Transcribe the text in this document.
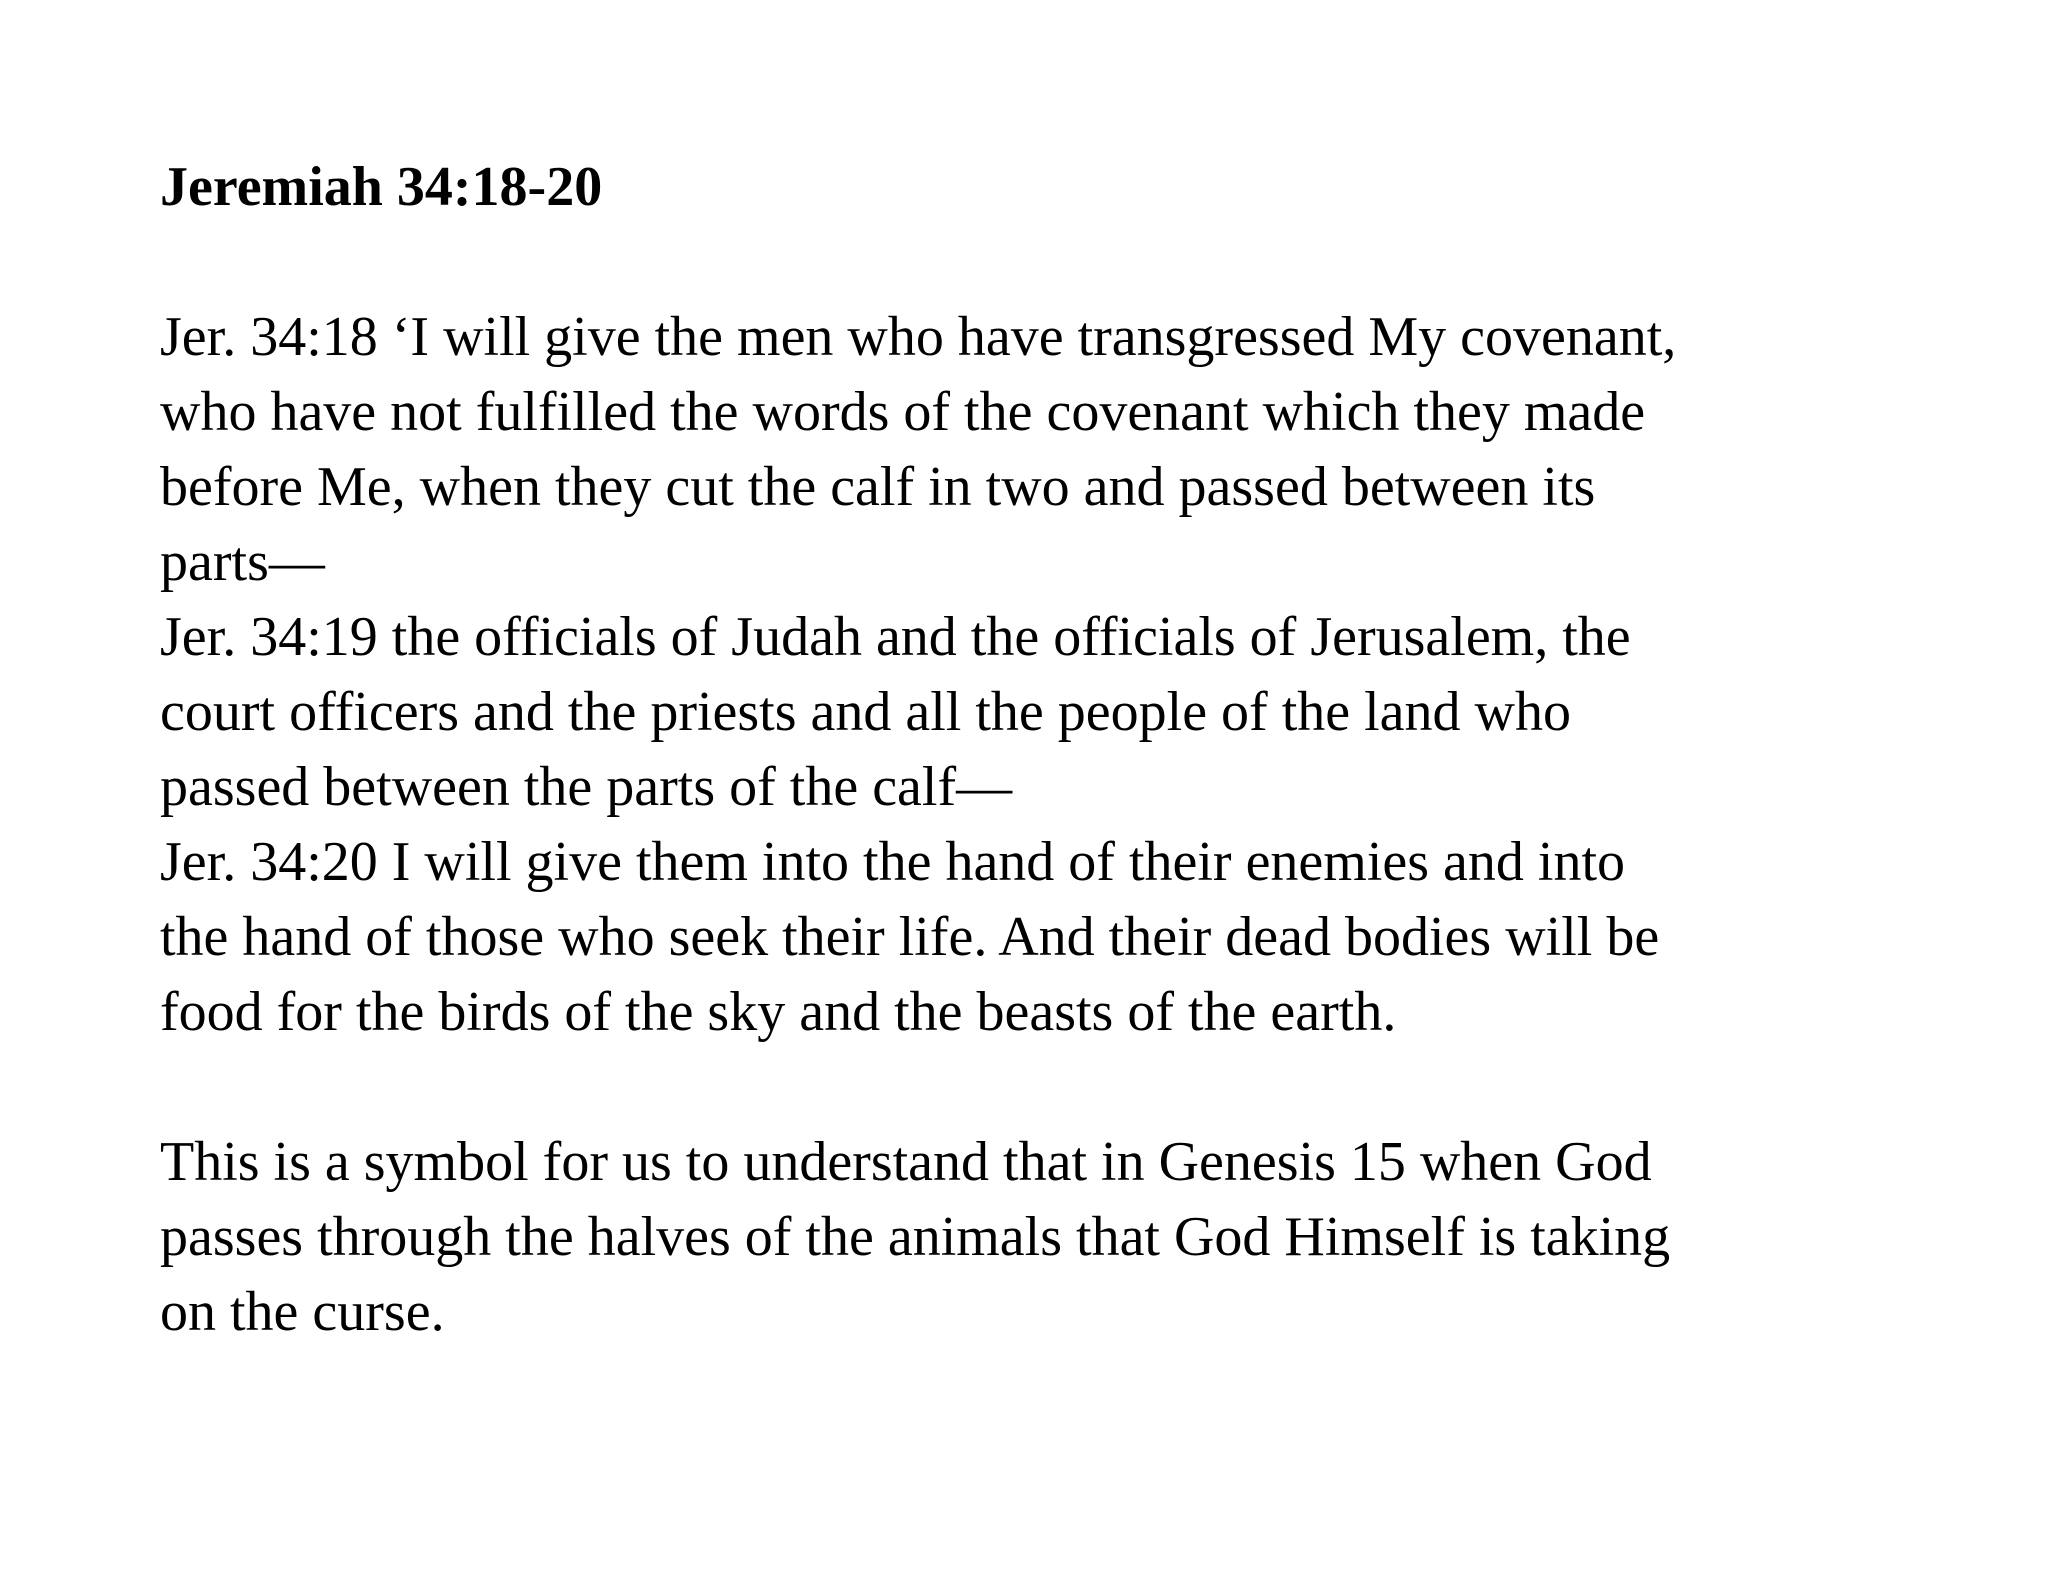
Jeremiah 34:18-20
Jer. 34:18 ‘I will give the men who have transgressed My covenant,
who have not fulfilled the words of the covenant which they made
before Me, when they cut the calf in two and passed between its
parts—
Jer. 34:19 the officials of Judah and the officials of Jerusalem, the
court officers and the priests and all the people of the land who
passed between the parts of the calf—
Jer. 34:20 I will give them into the hand of their enemies and into
the hand of those who seek their life. And their dead bodies will be
food for the birds of the sky and the beasts of the earth.
This is a symbol for us to understand that in Genesis 15 when God
passes through the halves of the animals that God Himself is taking
on the curse.
